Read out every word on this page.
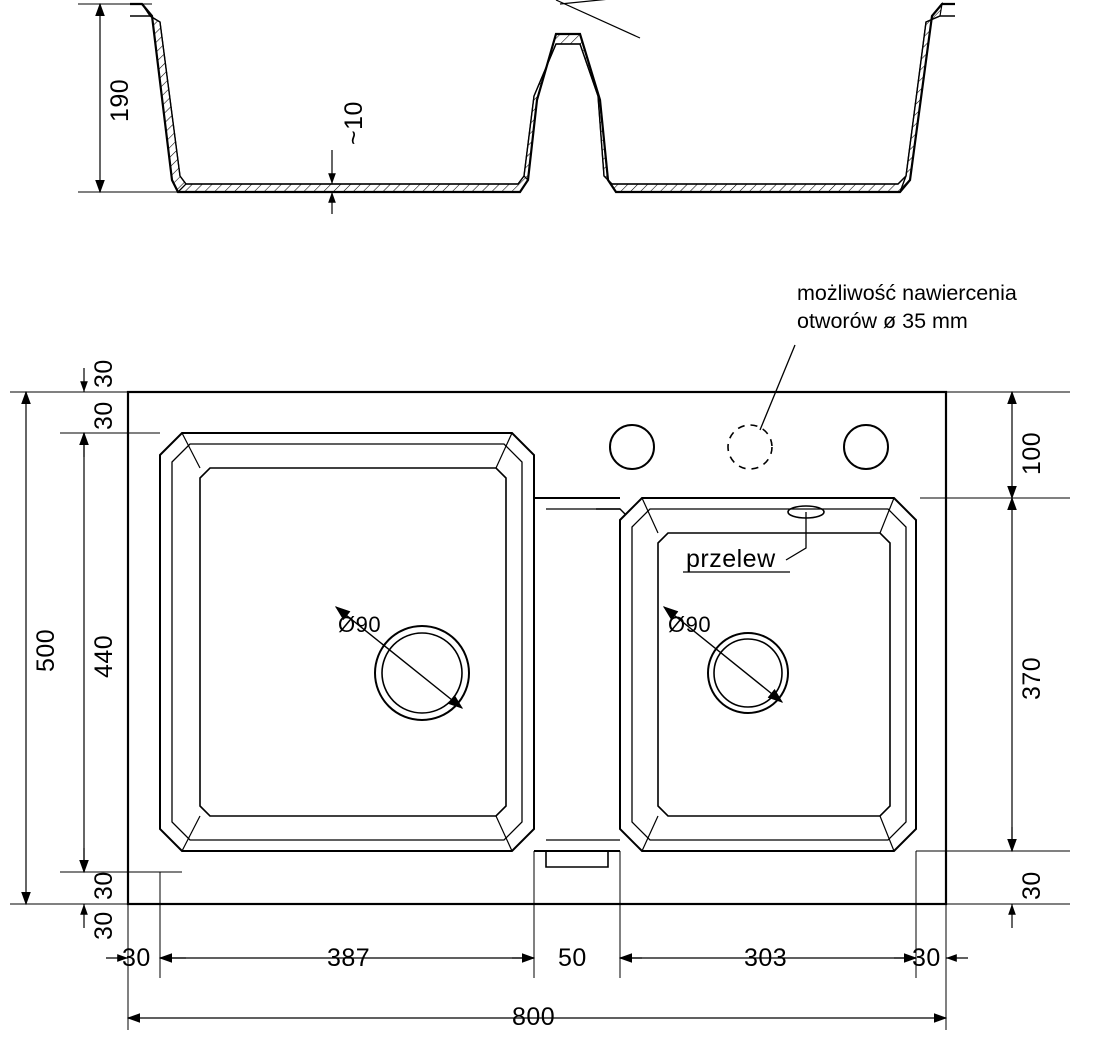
190
~10
możliwość nawiercenia
otworów ø 35 mm
30
30
500 440
30
30
100
370
30
30	387	50	303	30
800
Ø90	Ø90
przelew
